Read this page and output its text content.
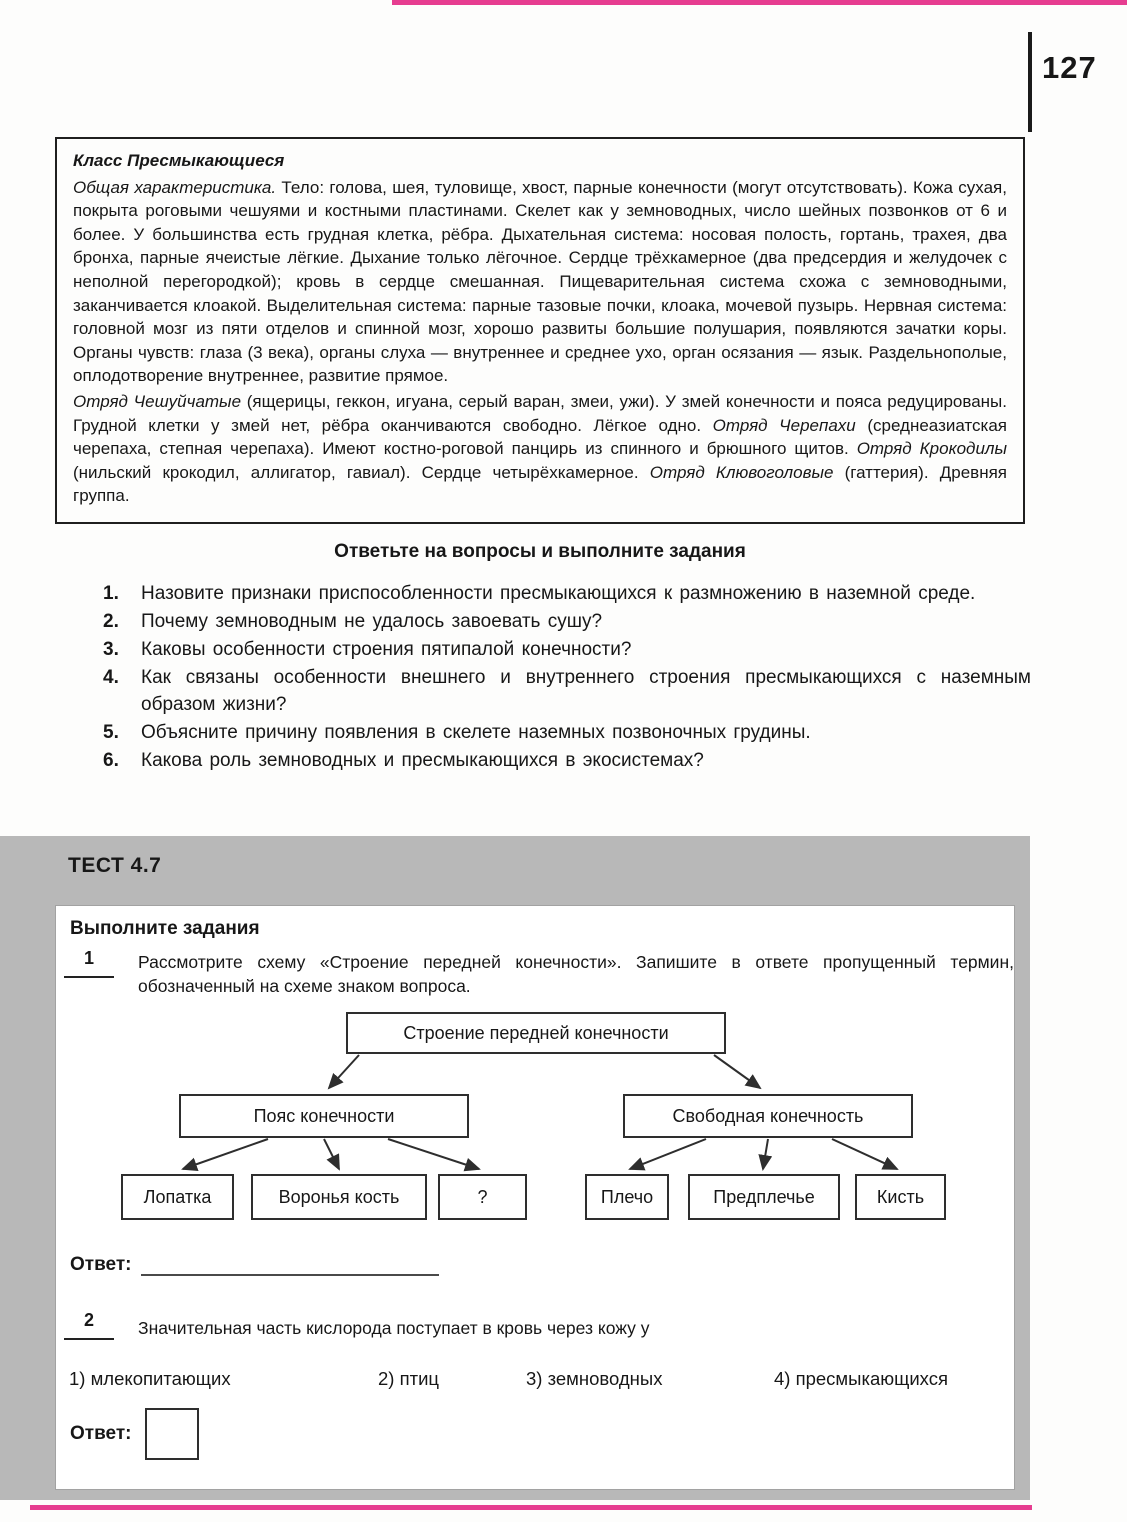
127

Класс Пресмыкающиеся

Общая характеристика. Тело: голова, шея, туловище, хвост, парные конечности (могут отсутствовать). Кожа сухая, покрыта роговыми чешуями и костными пластинами. Скелет как у земноводных, число шейных позвонков от 6 и более. У большинства есть грудная клетка, рёбра. Дыхательная система: носовая полость, гортань, трахея, два бронха, парные ячеистые лёгкие. Дыхание только лёгочное. Сердце трёхкамерное (два предсердия и желудочек с неполной перегородкой); кровь в сердце смешанная. Пищеварительная система схожа с земноводными, заканчивается клоакой. Выделительная система: парные тазовые почки, клоака, мочевой пузырь. Нервная система: головной мозг из пяти отделов и спинной мозг, хорошо развиты большие полушария, появляются зачатки коры. Органы чувств: глаза (3 века), органы слуха — внутреннее и среднее ухо, орган осязания — язык. Раздельнополые, оплодотворение внутреннее, развитие прямое.

Отряд Чешуйчатые (ящерицы, геккон, игуана, серый варан, змеи, ужи). У змей конечности и пояса редуцированы. Грудной клетки у змей нет, рёбра оканчиваются свободно. Лёгкое одно. Отряд Черепахи (среднеазиатская черепаха, степная черепаха). Имеют костно-роговой панцирь из спинного и брюшного щитов. Отряд Крокодилы (нильский крокодил, аллигатор, гавиал). Сердце четырёхкамерное. Отряд Клювоголовые (гаттерия). Древняя группа.

Ответьте на вопросы и выполните задания
1.	Назовите признаки приспособленности пресмыкающихся к размножению в наземной среде.
2.	Почему земноводным не удалось завоевать сушу?
3.	Каковы особенности строения пятипалой конечности?
4.	Как связаны особенности внешнего и внутреннего строения пресмыкающихся с наземным образом жизни?
5.	Объясните причину появления в скелете наземных позвоночных грудины.
6.	Какова роль земноводных и пресмыкающихся в экосистемах?
ТЕСТ 4.7
Выполните задания
1	Рассмотрите схему «Строение передней конечности». Запишите в ответе пропущенный термин, обозначенный на схеме знаком вопроса.
Строение передней конечности
Пояс конечности	Свободная конечность
Лопатка	Воронья кость	?	Плечо	Предплечье	Кисть
Ответ:
2	Значительная часть кислорода поступает в кровь через кожу у
1) млекопитающих	2) птиц	3) земноводных	4) пресмыкающихся
Ответ:
